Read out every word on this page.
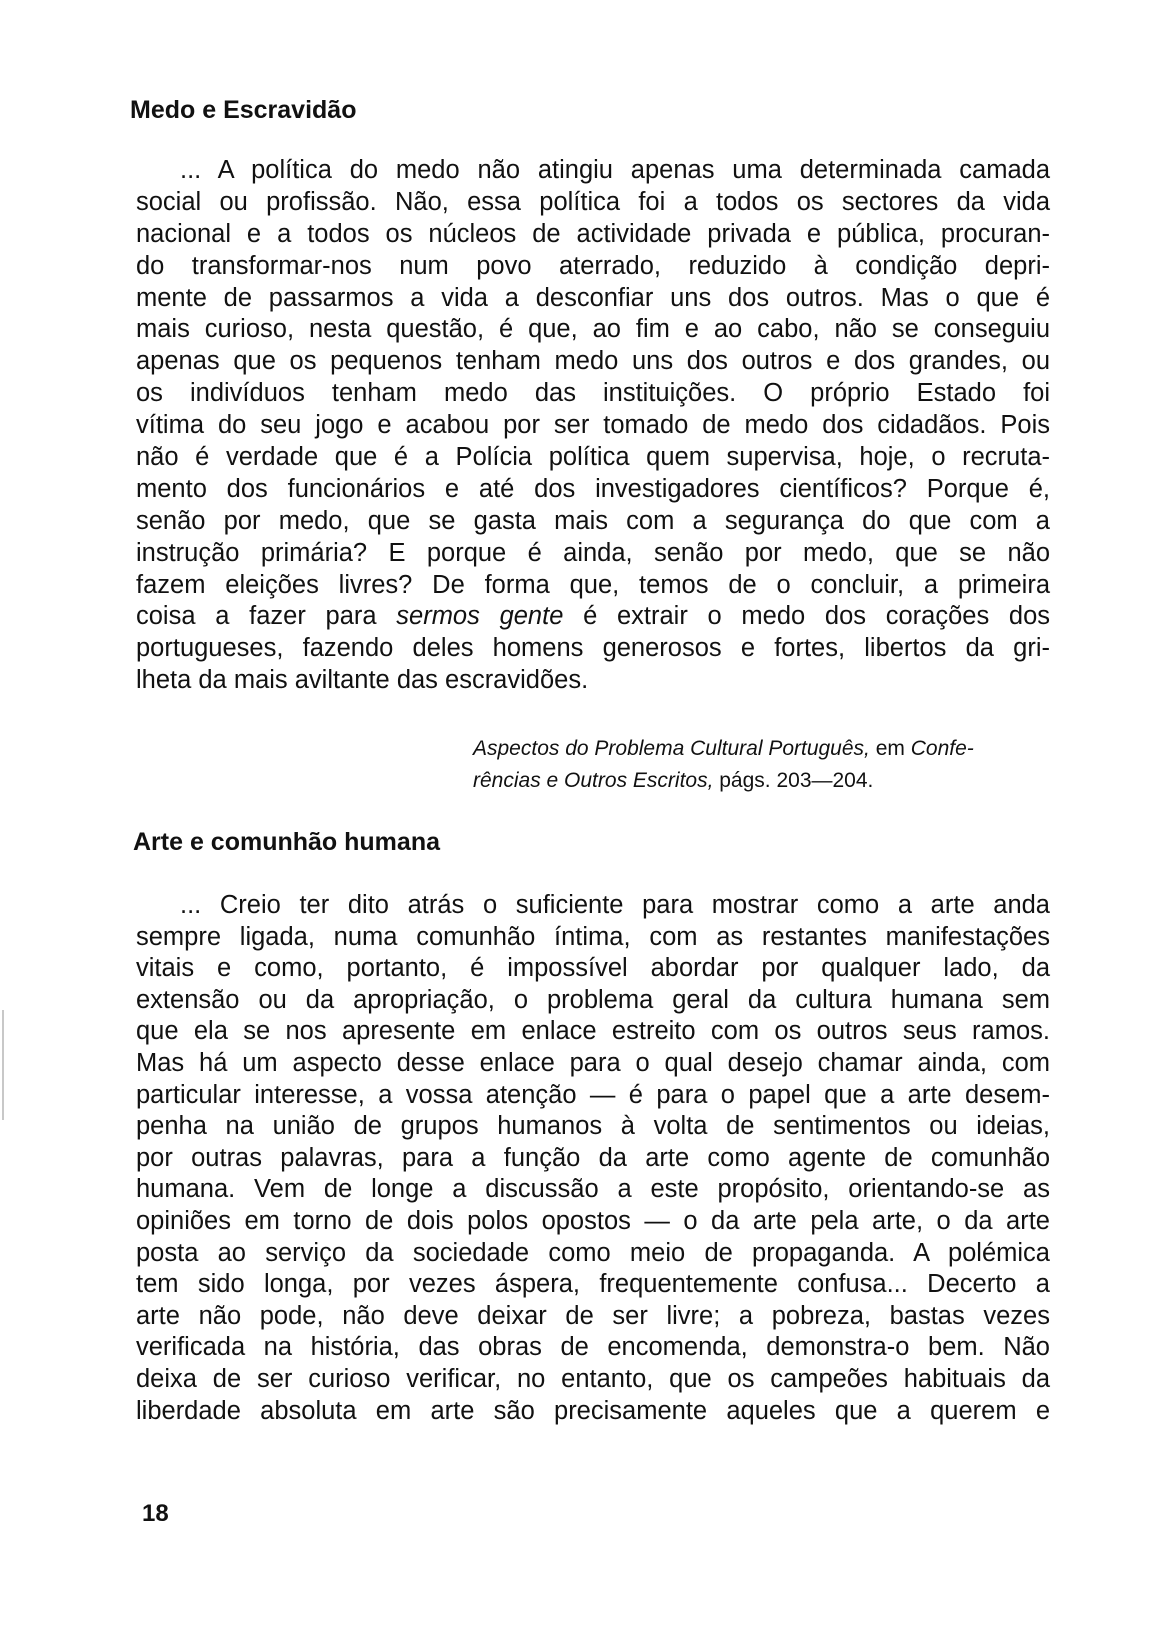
Medo e Escravidão
... A política do medo não atingiu apenas uma determinada camada
social ou profissão. Não, essa política foi a todos os sectores da vida
nacional e a todos os núcleos de actividade privada e pública, procuran-
do transformar-nos num povo aterrado, reduzido à condição depri-
mente de passarmos a vida a desconfiar uns dos outros. Mas o que é
mais curioso, nesta questão, é que, ao fim e ao cabo, não se conseguiu
apenas que os pequenos tenham medo uns dos outros e dos grandes, ou
os indivíduos tenham medo das instituições. O próprio Estado foi
vítima do seu jogo e acabou por ser tomado de medo dos cidadãos. Pois
não é verdade que é a Polícia política quem supervisa, hoje, o recruta-
mento dos funcionários e até dos investigadores científicos? Porque é,
senão por medo, que se gasta mais com a segurança do que com a
instrução primária? E porque é ainda, senão por medo, que se não
fazem eleições livres? De forma que, temos de o concluir, a primeira
coisa a fazer para sermos gente é extrair o medo dos corações dos
portugueses, fazendo deles homens generosos e fortes, libertos da gri-
lheta da mais aviltante das escravidões.
Aspectos do Problema Cultural Português, em Confe-
rências e Outros Escritos, págs. 203—204.
Arte e comunhão humana
... Creio ter dito atrás o suficiente para mostrar como a arte anda
sempre ligada, numa comunhão íntima, com as restantes manifestações
vitais e como, portanto, é impossível abordar por qualquer lado, da
extensão ou da apropriação, o problema geral da cultura humana sem
que ela se nos apresente em enlace estreito com os outros seus ramos.
Mas há um aspecto desse enlace para o qual desejo chamar ainda, com
particular interesse, a vossa atenção — é para o papel que a arte desem-
penha na união de grupos humanos à volta de sentimentos ou ideias,
por outras palavras, para a função da arte como agente de comunhão
humana. Vem de longe a discussão a este propósito, orientando-se as
opiniões em torno de dois polos opostos — o da arte pela arte, o da arte
posta ao serviço da sociedade como meio de propaganda. A polémica
tem sido longa, por vezes áspera, frequentemente confusa... Decerto a
arte não pode, não deve deixar de ser livre; a pobreza, bastas vezes
verificada na história, das obras de encomenda, demonstra-o bem. Não
deixa de ser curioso verificar, no entanto, que os campeões habituais da
liberdade absoluta em arte são precisamente aqueles que a querem e
18
